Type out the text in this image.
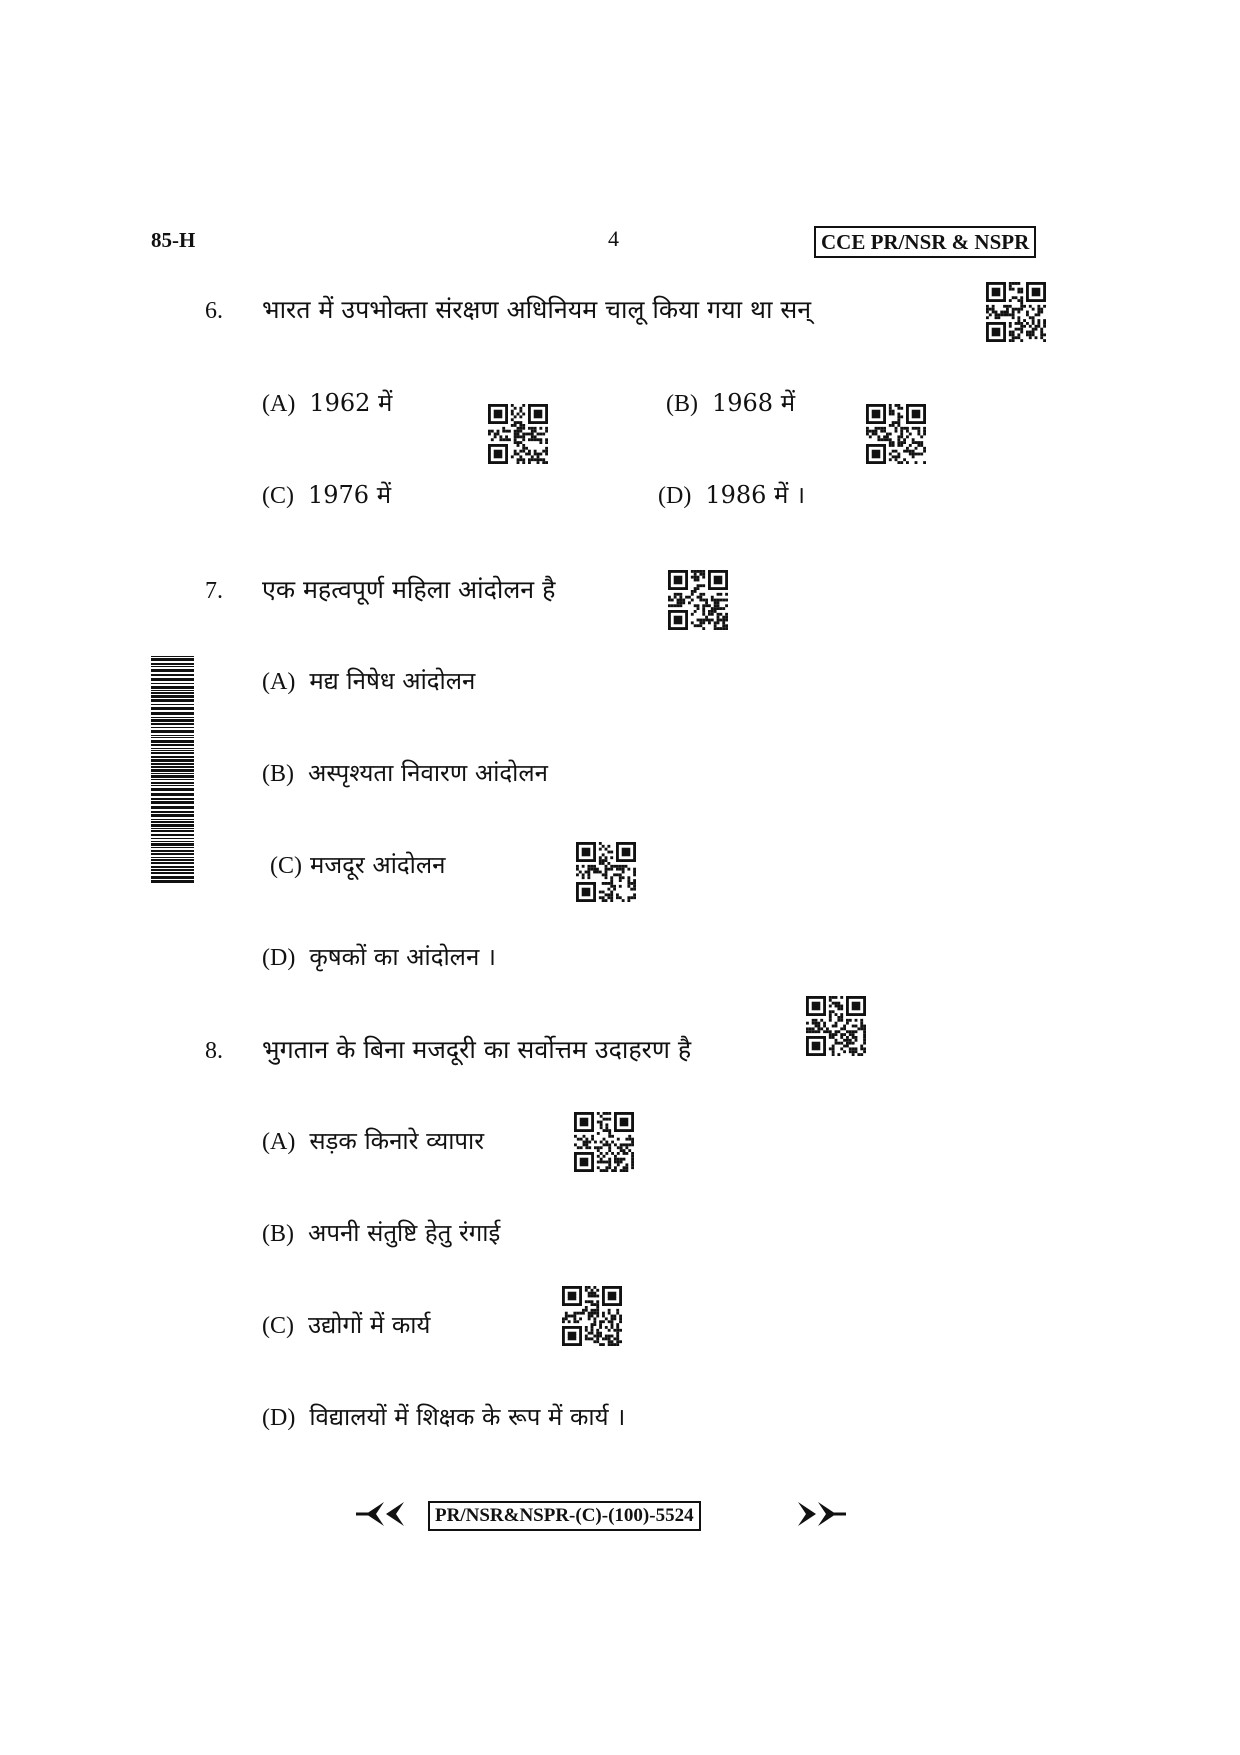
85-H	4	CCE PR/NSR & NSPR
6. भारत में उपभोक्ता संरक्षण अधिनियम चालू किया गया था सन्
(A) 1962 में	(B) 1968 में
(C) 1976 में	(D) 1986 में ।
7. एक महत्वपूर्ण महिला आंदोलन है
(A) मद्य निषेध आंदोलन
(B) अस्पृश्यता निवारण आंदोलन
(C) मजदूर आंदोलन
(D) कृषकों का आंदोलन ।
8. भुगतान के बिना मजदूरी का सर्वोत्तम उदाहरण है
(A) सड़क किनारे व्यापार
(B) अपनी संतुष्टि हेतु रंगाई
(C) उद्योगों में कार्य
(D) विद्यालयों में शिक्षक के रूप में कार्य ।
PR/NSR&NSPR-(C)-(100)-5524
